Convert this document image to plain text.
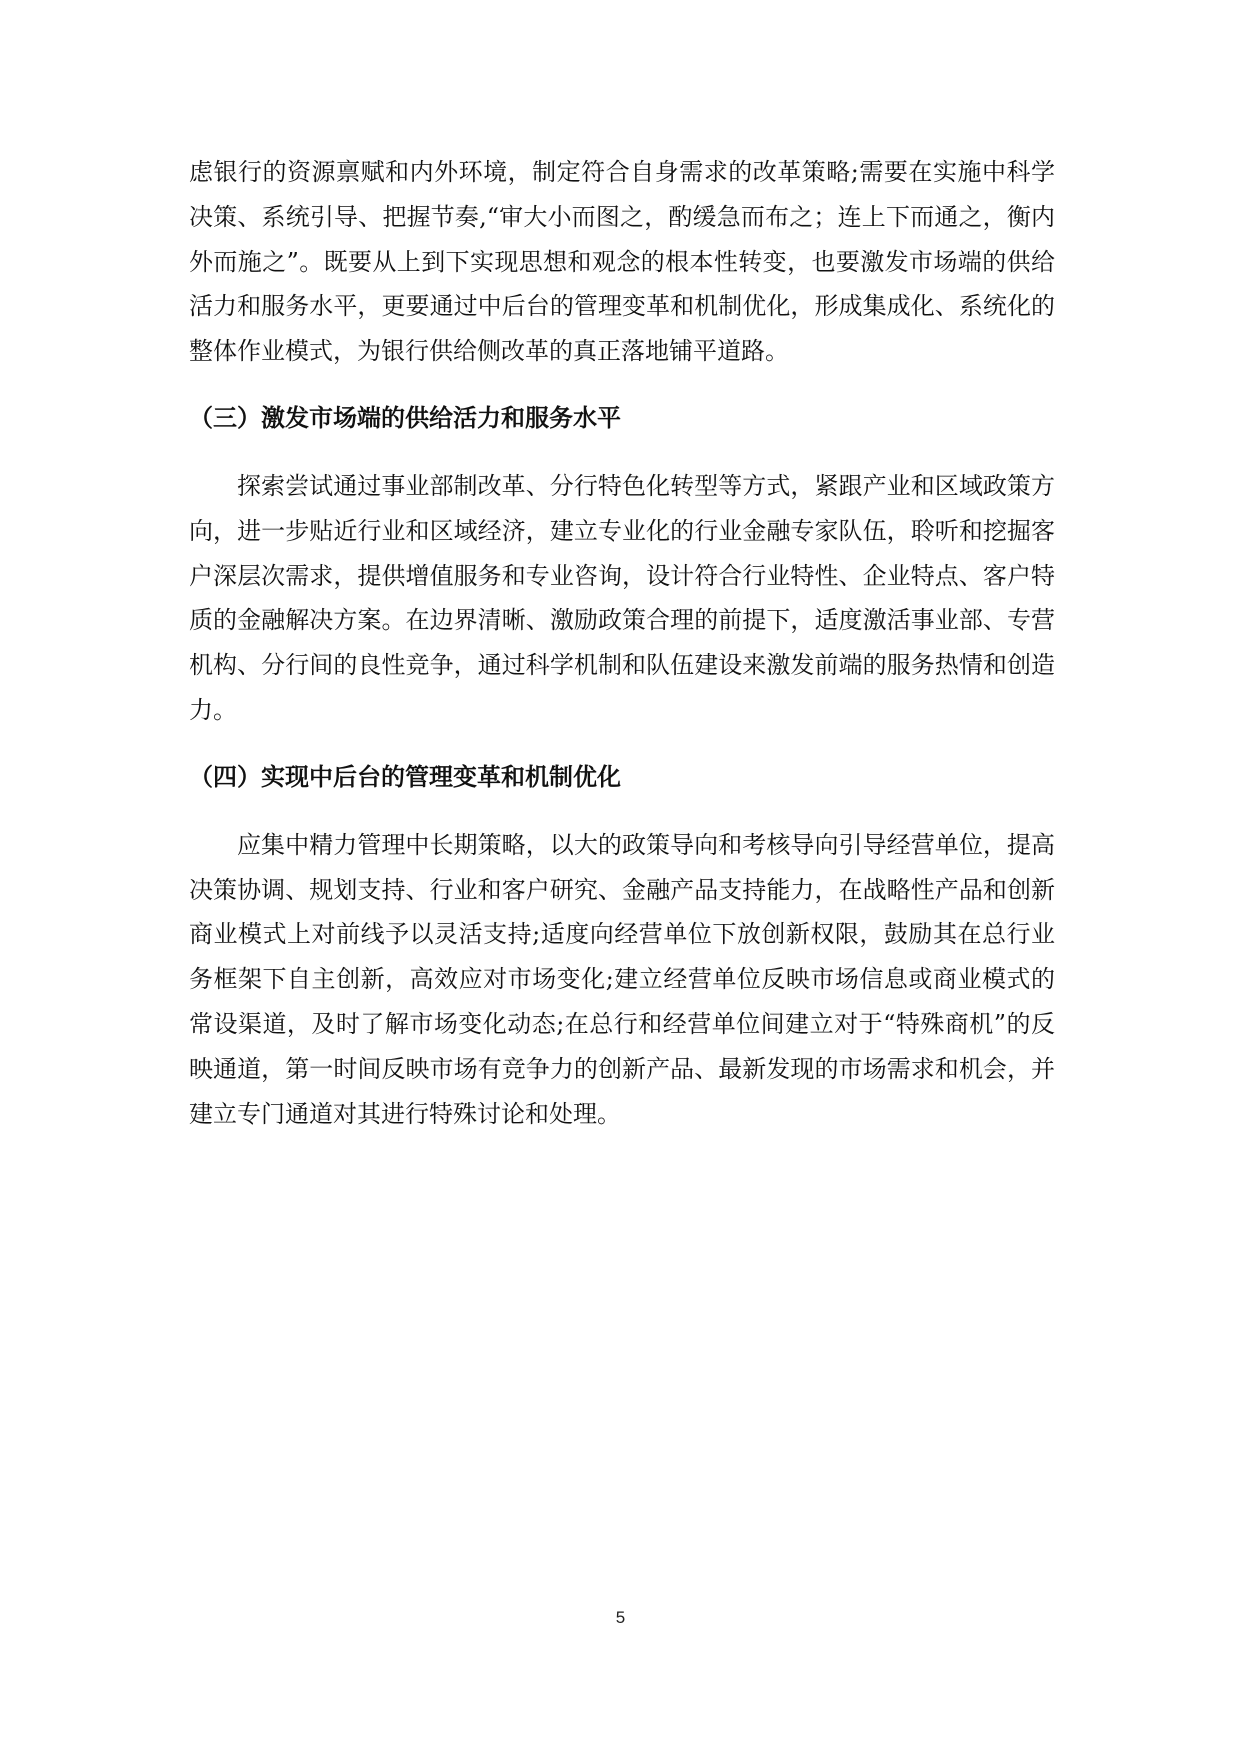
虑银行的资源禀赋和内外环境，制定符合自身需求的改革策略;需要在实施中科学决策、系统引导、把握节奏,“审大小而图之，酌缓急而布之；连上下而通之，衡内外而施之”。既要从上到下实现思想和观念的根本性转变，也要激发市场端的供给活力和服务水平，更要通过中后台的管理变革和机制优化，形成集成化、系统化的整体作业模式，为银行供给侧改革的真正落地铺平道路。

（三）激发市场端的供给活力和服务水平

探索尝试通过事业部制改革、分行特色化转型等方式，紧跟产业和区域政策方向，进一步贴近行业和区域经济，建立专业化的行业金融专家队伍，聆听和挖掘客户深层次需求，提供增值服务和专业咨询，设计符合行业特性、企业特点、客户特质的金融解决方案。在边界清晰、激励政策合理的前提下，适度激活事业部、专营机构、分行间的良性竞争，通过科学机制和队伍建设来激发前端的服务热情和创造力。

（四）实现中后台的管理变革和机制优化

应集中精力管理中长期策略，以大的政策导向和考核导向引导经营单位，提高决策协调、规划支持、行业和客户研究、金融产品支持能力，在战略性产品和创新商业模式上对前线予以灵活支持;适度向经营单位下放创新权限，鼓励其在总行业务框架下自主创新，高效应对市场变化;建立经营单位反映市场信息或商业模式的常设渠道，及时了解市场变化动态;在总行和经营单位间建立对于“特殊商机”的反映通道，第一时间反映市场有竞争力的创新产品、最新发现的市场需求和机会，并建立专门通道对其进行特殊讨论和处理。

5
